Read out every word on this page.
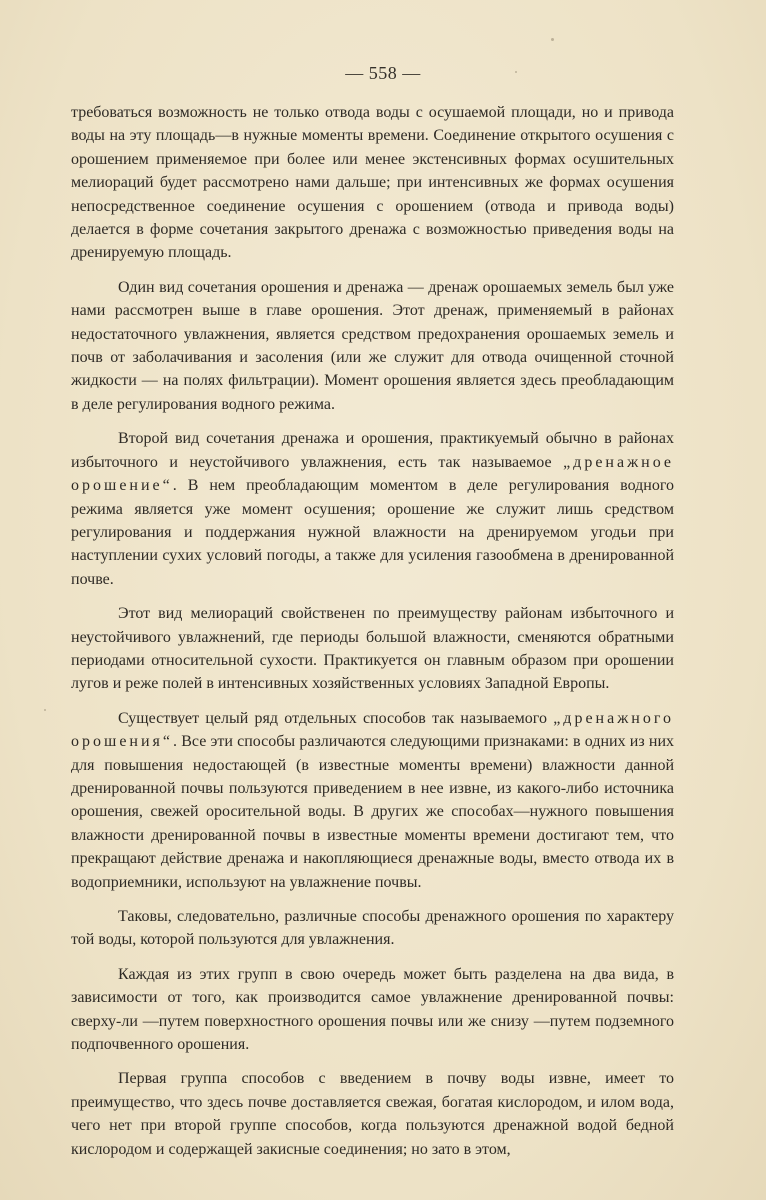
— 558 —

требоваться возможность не только отвода воды с осушаемой площади, но и привода воды на эту площадь—в нужные моменты времени. Соединение открытого осушения с орошением применяемое при более или менее экстенсивных формах осушительных мелиораций будет рассмотрено нами дальше; при интенсивных же формах осушения непосредственное соединение осушения с орошением (отвода и привода воды) делается в форме сочетания закрытого дренажа с возможностью приведения воды на дренируемую площадь.

Один вид сочетания орошения и дренажа — дренаж орошаемых земель был уже нами рассмотрен выше в главе орошения. Этот дренаж, применяемый в районах недостаточного увлажнения, является средством предохранения орошаемых земель и почв от заболачивания и засоления (или же служит для отвода очищенной сточной жидкости — на полях фильтрации). Момент орошения является здесь преобладающим в деле регулирования водного режима.

Второй вид сочетания дренажа и орошения, практикуемый обычно в районах избыточного и неустойчивого увлажнения, есть так называемое „дренажное орошение“. В нем преобладающим моментом в деле регулирования водного режима является уже момент осушения; орошение же служит лишь средством регулирования и поддержания нужной влажности на дренируемом угодьи при наступлении сухих условий погоды, а также для усиления газообмена в дренированной почве.

Этот вид мелиораций свойственен по преимуществу районам избыточного и неустойчивого увлажнений, где периоды большой влажности, сменяются обратными периодами относительной сухости. Практикуется он главным образом при орошении лугов и реже полей в интенсивных хозяйственных условиях Западной Европы.

Существует целый ряд отдельных способов так называемого „дренажного орошения“. Все эти способы различаются следующими признаками: в одних из них для повышения недостающей (в известные моменты времени) влажности данной дренированной почвы пользуются приведением в нее извне, из какого-либо источника орошения, свежей оросительной воды. В других же способах—нужного повышения влажности дренированной почвы в известные моменты времени достигают тем, что прекращают действие дренажа и накопляющиеся дренажные воды, вместо отвода их в водоприемники, используют на увлажнение почвы.

Таковы, следовательно, различные способы дренажного орошения по характеру той воды, которой пользуются для увлажнения.

Каждая из этих групп в свою очередь может быть разделена на два вида, в зависимости от того, как производится самое увлажнение дренированной почвы: сверху-ли —путем поверхностного орошения почвы или же снизу —путем подземного подпочвенного орошения.

Первая группа способов с введением в почву воды извне, имеет то преимущество, что здесь почве доставляется свежая, богатая кислородом, и илом вода, чего нет при второй группе способов, когда пользуются дренажной водой бедной кислородом и содержащей закисные соединения; но зато в этом,
